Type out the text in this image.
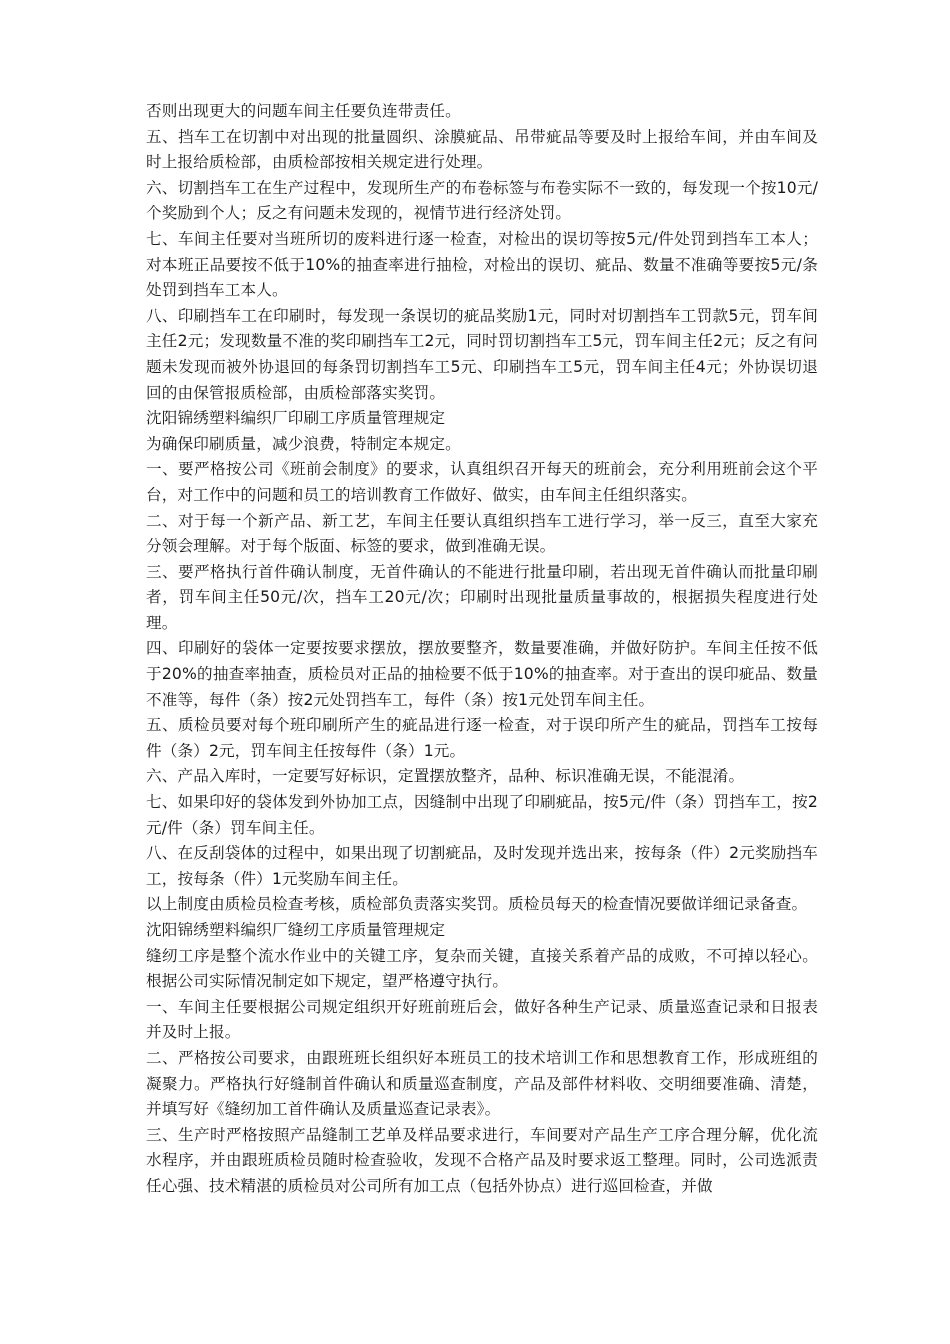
否则出现更大的问题车间主任要负连带责任。

五、挡车工在切割中对出现的批量圆织、涂膜疵品、吊带疵品等要及时上报给车间，并由车间及时上报给质检部，由质检部按相关规定进行处理。

六、切割挡车工在生产过程中，发现所生产的布卷标签与布卷实际不一致的，每发现一个按10元/个奖励到个人；反之有问题未发现的，视情节进行经济处罚。

七、车间主任要对当班所切的废料进行逐一检查，对检出的误切等按5元/件处罚到挡车工本人；对本班正品要按不低于10%的抽查率进行抽检，对检出的误切、疵品、数量不准确等要按5元/条处罚到挡车工本人。

八、印刷挡车工在印刷时，每发现一条误切的疵品奖励1元，同时对切割挡车工罚款5元，罚车间主任2元；发现数量不准的奖印刷挡车工2元，同时罚切割挡车工5元，罚车间主任2元；反之有问题未发现而被外协退回的每条罚切割挡车工5元、印刷挡车工5元，罚车间主任4元；外协误切退回的由保管报质检部，由质检部落实奖罚。

沈阳锦绣塑料编织厂印刷工序质量管理规定

为确保印刷质量，减少浪费，特制定本规定。

一、要严格按公司《班前会制度》的要求，认真组织召开每天的班前会，充分利用班前会这个平台，对工作中的问题和员工的培训教育工作做好、做实，由车间主任组织落实。

二、对于每一个新产品、新工艺，车间主任要认真组织挡车工进行学习，举一反三，直至大家充分领会理解。对于每个版面、标签的要求，做到准确无误。

三、要严格执行首件确认制度，无首件确认的不能进行批量印刷，若出现无首件确认而批量印刷者，罚车间主任50元/次，挡车工20元/次；印刷时出现批量质量事故的，根据损失程度进行处理。

四、印刷好的袋体一定要按要求摆放，摆放要整齐，数量要准确，并做好防护。车间主任按不低于20%的抽查率抽查，质检员对正品的抽检要不低于10%的抽查率。对于查出的误印疵品、数量不准等，每件（条）按2元处罚挡车工，每件（条）按1元处罚车间主任。

五、质检员要对每个班印刷所产生的疵品进行逐一检查，对于误印所产生的疵品，罚挡车工按每件（条）2元，罚车间主任按每件（条）1元。

六、产品入库时，一定要写好标识，定置摆放整齐，品种、标识准确无误，不能混淆。

七、如果印好的袋体发到外协加工点，因缝制中出现了印刷疵品，按5元/件（条）罚挡车工，按2元/件（条）罚车间主任。

八、在反刮袋体的过程中，如果出现了切割疵品，及时发现并选出来，按每条（件）2元奖励挡车工，按每条（件）1元奖励车间主任。

以上制度由质检员检查考核，质检部负责落实奖罚。质检员每天的检查情况要做详细记录备查。

沈阳锦绣塑料编织厂缝纫工序质量管理规定

缝纫工序是整个流水作业中的关键工序，复杂而关键，直接关系着产品的成败，不可掉以轻心。根据公司实际情况制定如下规定，望严格遵守执行。

一、车间主任要根据公司规定组织开好班前班后会，做好各种生产记录、质量巡查记录和日报表并及时上报。

二、严格按公司要求，由跟班班长组织好本班员工的技术培训工作和思想教育工作，形成班组的凝聚力。严格执行好缝制首件确认和质量巡查制度，产品及部件材料收、交明细要准确、清楚，并填写好《缝纫加工首件确认及质量巡查记录表》。

三、生产时严格按照产品缝制工艺单及样品要求进行，车间要对产品生产工序合理分解，优化流水程序，并由跟班质检员随时检查验收，发现不合格产品及时要求返工整理。同时，公司选派责任心强、技术精湛的质检员对公司所有加工点（包括外协点）进行巡回检查，并做
